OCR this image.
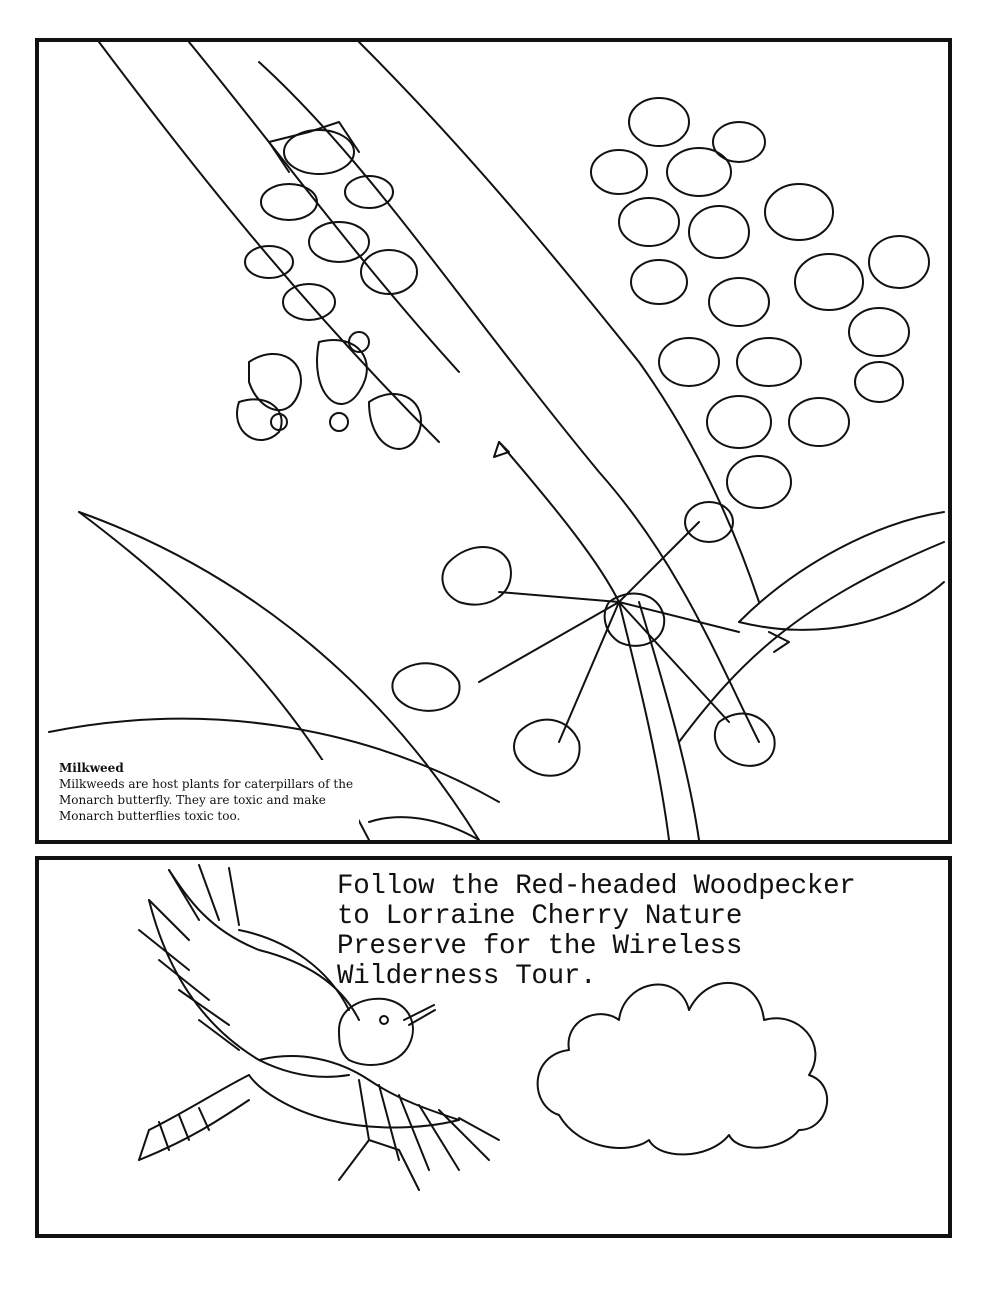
Milkweed
Milkweeds are host plants for caterpillars of the Monarch butterfly. They are toxic and make Monarch butterflies toxic too.
Follow the Red-headed Woodpecker
to Lorraine Cherry Nature
Preserve for the Wireless
Wilderness Tour.
